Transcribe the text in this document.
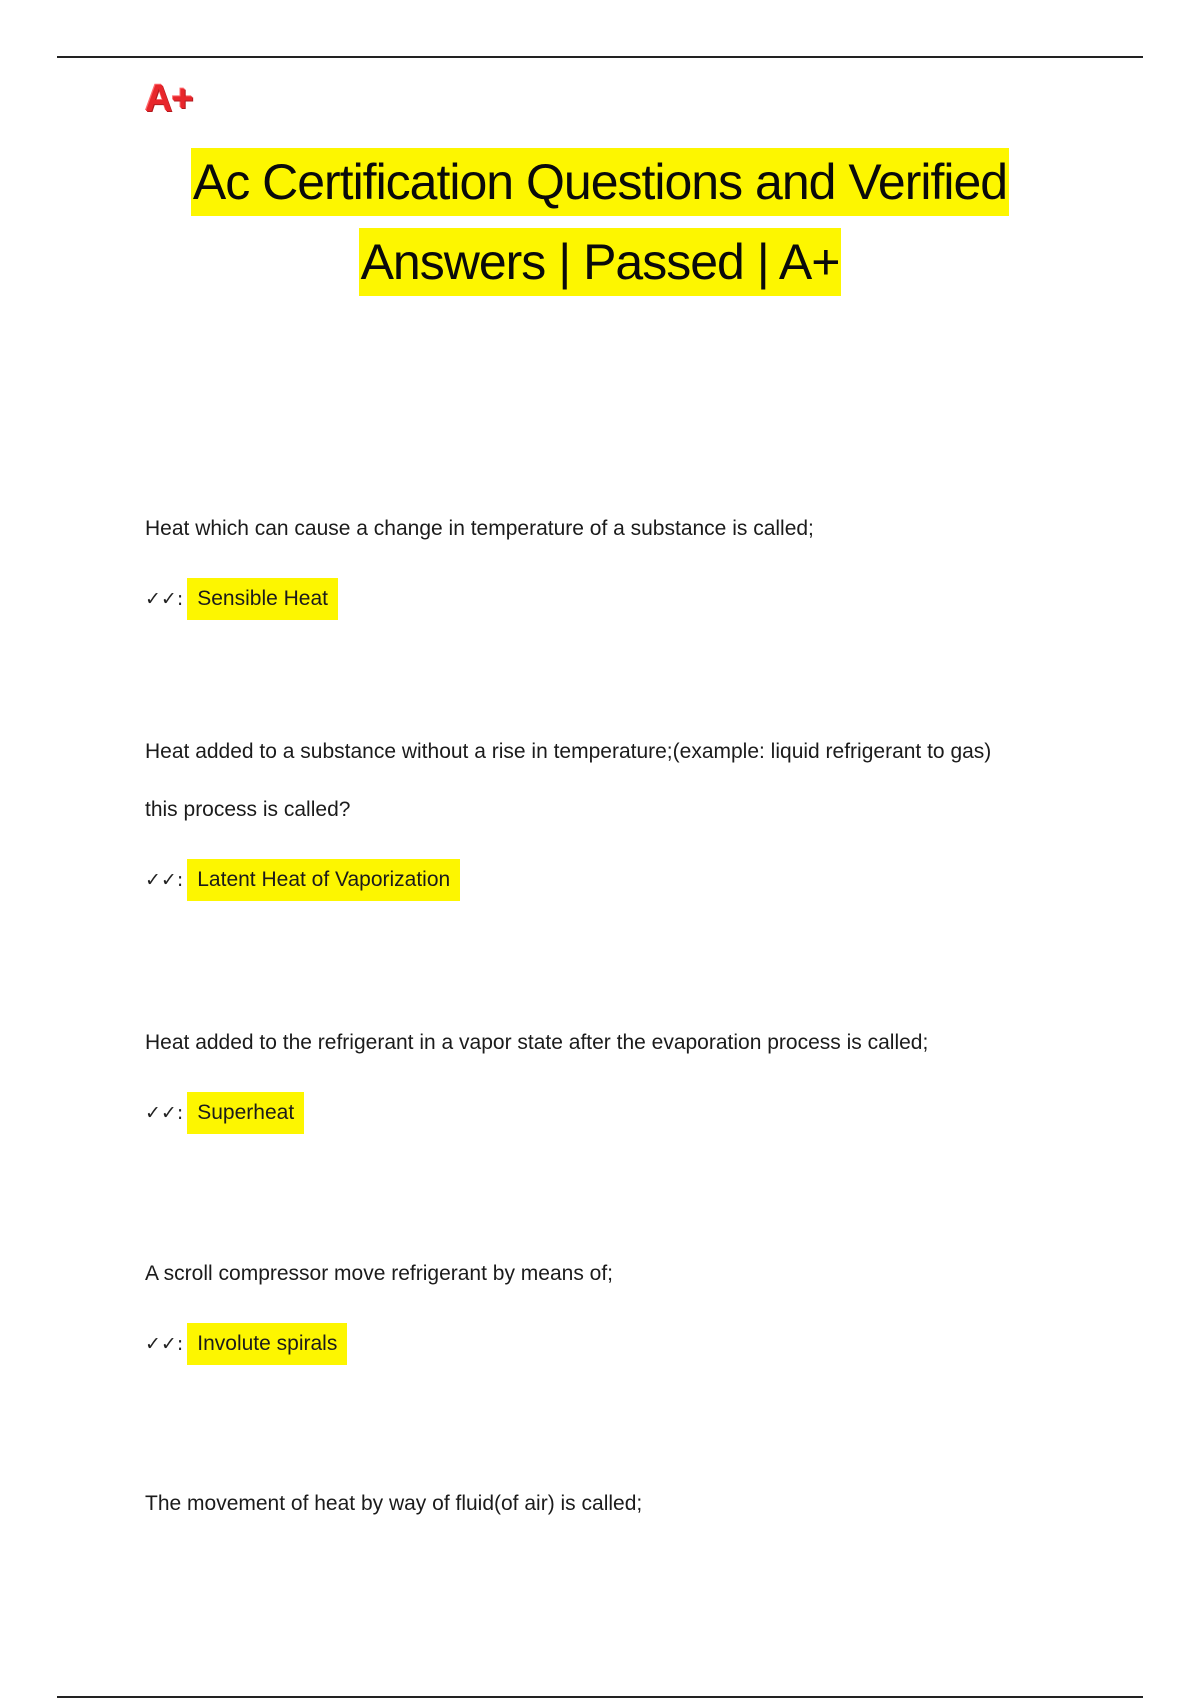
A+
Ac Certification Questions and Verified
Answers | Passed | A+

Heat which can cause a change in temperature of a substance is called;

✓✓: Sensible Heat

Heat added to a substance without a rise in temperature;(example: liquid refrigerant to gas)

this process is called?

✓✓: Latent Heat of Vaporization

Heat added to the refrigerant in a vapor state after the evaporation process is called;

✓✓: Superheat

A scroll compressor move refrigerant by means of;

✓✓: Involute spirals

The movement of heat by way of fluid(of air) is called;
